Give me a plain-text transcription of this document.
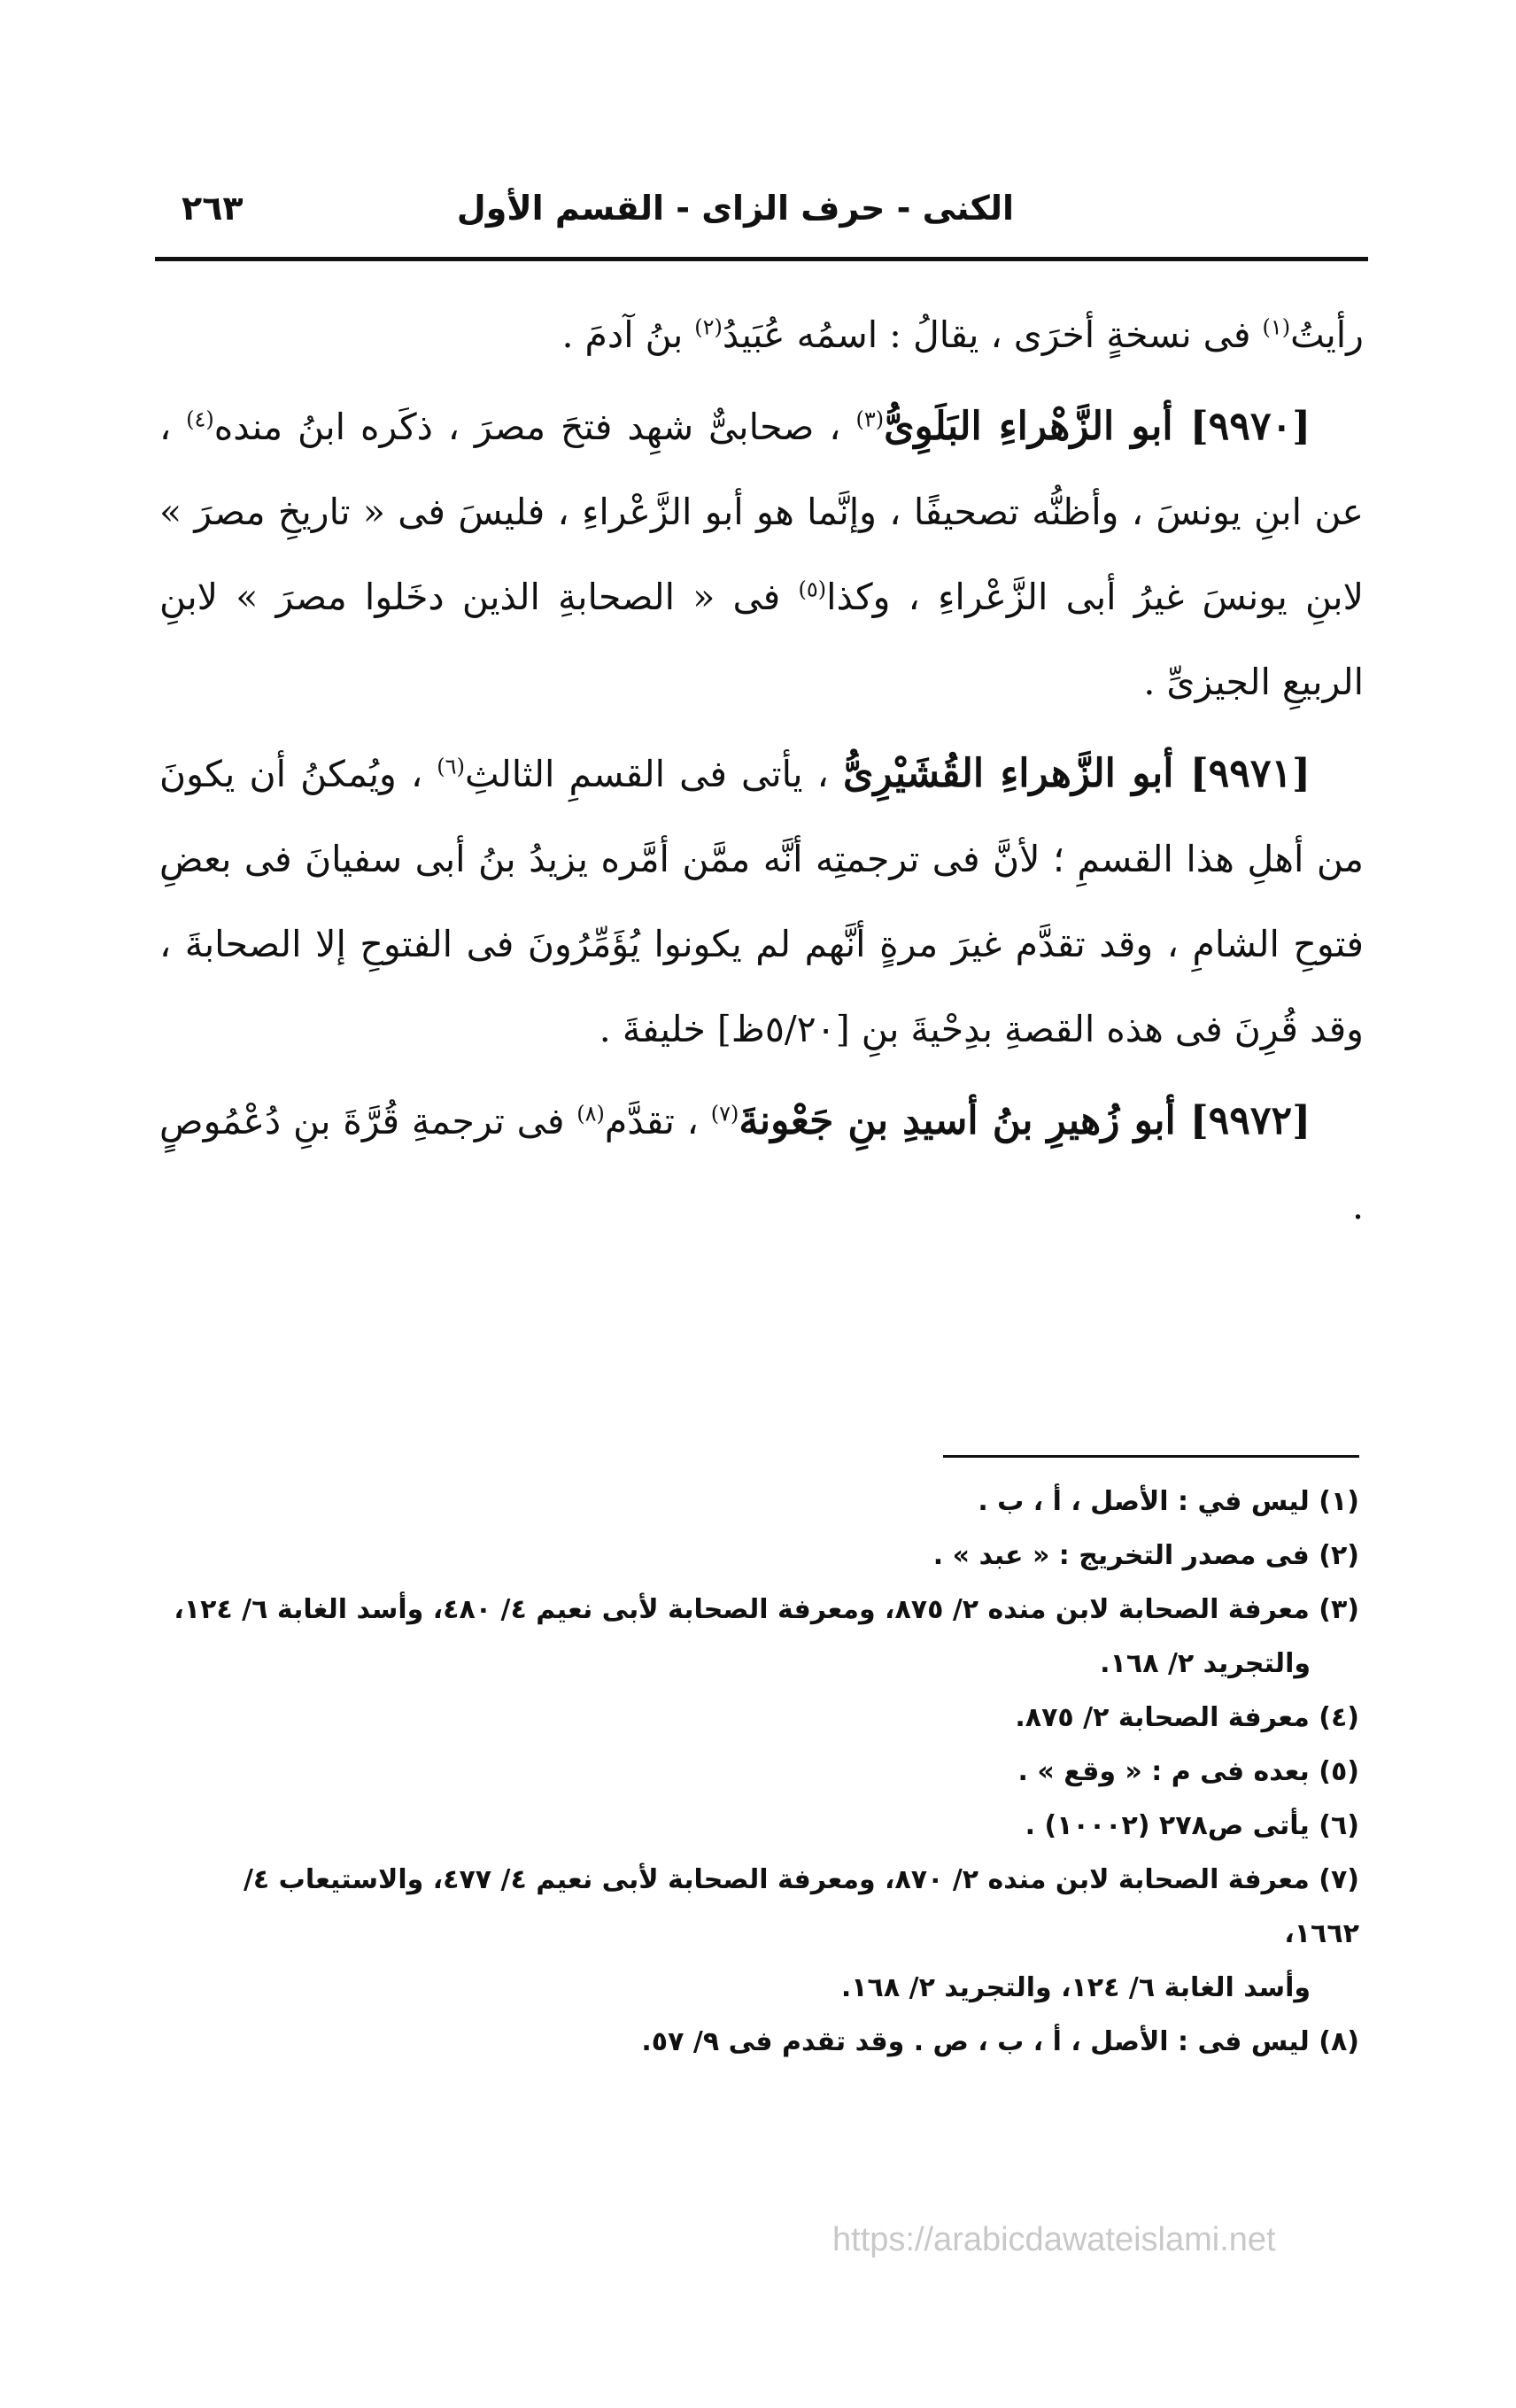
الكنى - حرف الزاى - القسم الأول
٢٦٣

رأيتُ$^{(١)}$ فى نسخةٍ أخرَى ، يقالُ : اسمُه عُبَيدُ$^{(٢)}$ بنُ آدمَ .

[٩٩٧٠] أبو الزَّهْراءِ البَلَوِىُّ$^{(٣)}$ ، صحابىٌّ شهِد فتحَ مصرَ ، ذكَره ابنُ منده$^{(٤)}$ ، عن ابنِ يونسَ ، وأظنُّه تصحيفًا ، وإنَّما هو أبو الزَّعْراءِ ، فليسَ فى « تاريخِ مصرَ » لابنِ يونسَ غيرُ أبى الزَّعْراءِ ، وكذا$^{(٥)}$ فى « الصحابةِ الذين دخَلوا مصرَ » لابنِ الربيعِ الجيزىِّ .

[٩٩٧١] أبو الزَّهراءِ القُشَيْرِىُّ ، يأتى فى القسمِ الثالثِ$^{(٦)}$ ، ويُمكنُ أن يكونَ من أهلِ هذا القسمِ ؛ لأنَّ فى ترجمتِه أنَّه ممَّن أمَّره يزيدُ بنُ أبى سفيانَ فى بعضِ فتوحِ الشامِ ، وقد تقدَّم غيرَ مرةٍ أنَّهم لم يكونوا يُؤَمِّرُونَ فى الفتوحِ إلا الصحابةَ ، وقد قُرِنَ فى هذه القصةِ بدِحْيةَ بنِ [٥/٢٠ظ] خليفةَ .

[٩٩٧٢] أبو زُهيرِ بنُ أسيدِ بنِ جَعْونةَ$^{(٧)}$ ، تقدَّم$^{(٨)}$ فى ترجمةِ قُرَّةَ بنِ دُعْمُوصٍ .

(١) ليس في : الأصل ، أ ، ب .

(٢) فى مصدر التخريج : « عبد » .

(٣) معرفة الصحابة لابن منده ٢/ ٨٧٥، ومعرفة الصحابة لأبى نعيم ٤/ ٤٨٠، وأسد الغابة ٦/ ١٢٤،
والتجريد ٢/ ١٦٨.

(٤) معرفة الصحابة ٢/ ٨٧٥.

(٥) بعده فى م : « وقع » .

(٦) يأتى ص٢٧٨ (١٠٠٠٢) .

(٧) معرفة الصحابة لابن منده ٢/ ٨٧٠، ومعرفة الصحابة لأبى نعيم ٤/ ٤٧٧، والاستيعاب ٤/ ١٦٦٢،
وأسد الغابة ٦/ ١٢٤، والتجريد ٢/ ١٦٨.

(٨) ليس فى : الأصل ، أ ، ب ، ص . وقد تقدم فى ٩/ ٥٧.

https://arabicdawateislami.net
